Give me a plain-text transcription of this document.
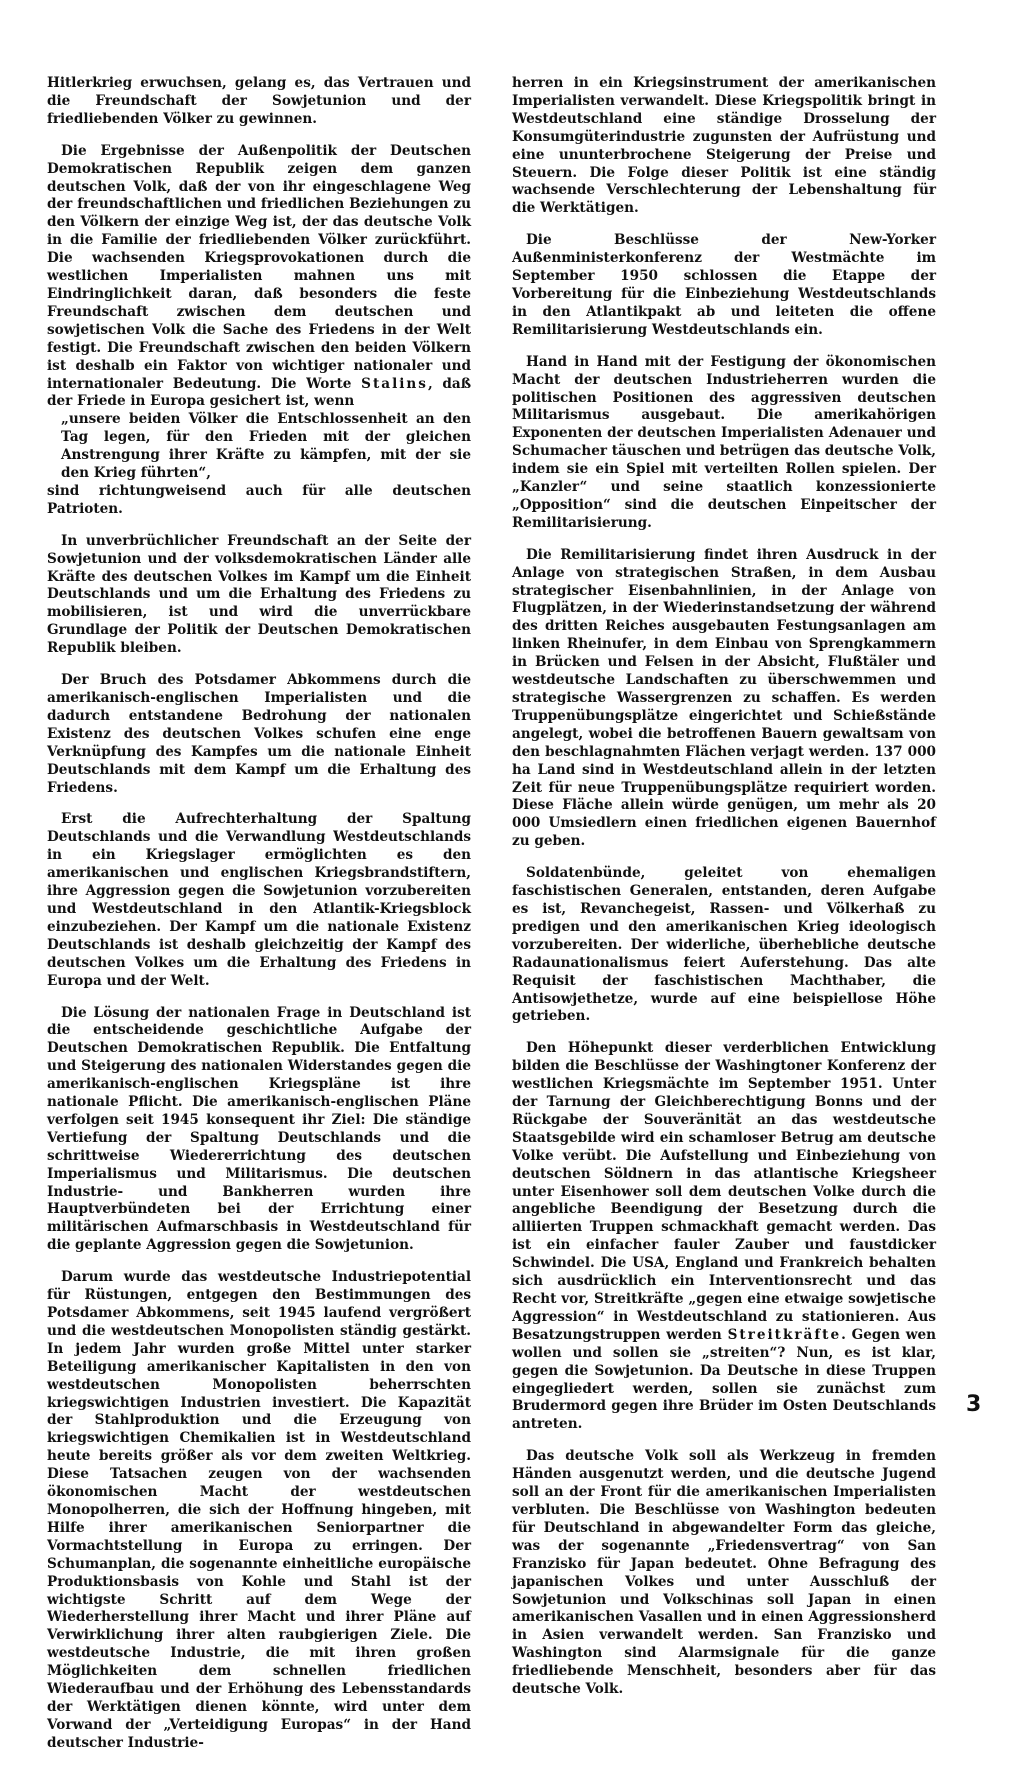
Hitlerkrieg erwuchsen, gelang es, das Vertrauen und die Freundschaft der Sowjetunion und der friedliebenden Völker zu gewinnen.

Die Ergebnisse der Außenpolitik der Deutschen Demokratischen Republik zeigen dem ganzen deutschen Volk, daß der von ihr eingeschlagene Weg der freundschaftlichen und friedlichen Beziehungen zu den Völkern der einzige Weg ist, der das deutsche Volk in die Familie der friedliebenden Völker zurückführt. Die wachsenden Kriegsprovokationen durch die westlichen Imperialisten mahnen uns mit Eindringlichkeit daran, daß besonders die feste Freundschaft zwischen dem deutschen und sowjetischen Volk die Sache des Friedens in der Welt festigt. Die Freundschaft zwischen den beiden Völkern ist deshalb ein Faktor von wichtiger nationaler und internationaler Bedeutung. Die Worte Stalins, daß der Friede in Europa gesichert ist, wenn

„unsere beiden Völker die Entschlossenheit an den Tag legen, für den Frieden mit der gleichen Anstrengung ihrer Kräfte zu kämpfen, mit der sie den Krieg führten“,

sind richtungweisend auch für alle deutschen Patrioten.

In unverbrüchlicher Freundschaft an der Seite der Sowjetunion und der volksdemokratischen Länder alle Kräfte des deutschen Volkes im Kampf um die Einheit Deutschlands und um die Erhaltung des Friedens zu mobilisieren, ist und wird die unverrückbare Grundlage der Politik der Deutschen Demokratischen Republik bleiben.

Der Bruch des Potsdamer Abkommens durch die amerikanisch-englischen Imperialisten und die dadurch entstandene Bedrohung der nationalen Existenz des deutschen Volkes schufen eine enge Verknüpfung des Kampfes um die nationale Einheit Deutschlands mit dem Kampf um die Erhaltung des Friedens.

Erst die Aufrechterhaltung der Spaltung Deutschlands und die Verwandlung Westdeutschlands in ein Kriegslager ermöglichten es den amerikanischen und englischen Kriegsbrandstiftern, ihre Aggression gegen die Sowjetunion vorzubereiten und Westdeutschland in den Atlantik-Kriegsblock einzubeziehen. Der Kampf um die nationale Existenz Deutschlands ist deshalb gleichzeitig der Kampf des deutschen Volkes um die Erhaltung des Friedens in Europa und der Welt.

Die Lösung der nationalen Frage in Deutschland ist die entscheidende geschichtliche Aufgabe der Deutschen Demokratischen Republik. Die Entfaltung und Steigerung des nationalen Widerstandes gegen die amerikanisch-englischen Kriegspläne ist ihre nationale Pflicht. Die amerikanisch-englischen Pläne verfolgen seit 1945 konsequent ihr Ziel: Die ständige Vertiefung der Spaltung Deutschlands und die schrittweise Wiedererrichtung des deutschen Imperialismus und Militarismus. Die deutschen Industrie- und Bankherren wurden ihre Hauptverbündeten bei der Errichtung einer militärischen Aufmarschbasis in Westdeutschland für die geplante Aggression gegen die Sowjetunion.

Darum wurde das westdeutsche Industriepotential für Rüstungen, entgegen den Bestimmungen des Potsdamer Abkommens, seit 1945 laufend vergrößert und die westdeutschen Monopolisten ständig gestärkt. In jedem Jahr wurden große Mittel unter starker Beteiligung amerikanischer Kapitalisten in den von westdeutschen Monopolisten beherrschten kriegswichtigen Industrien investiert. Die Kapazität der Stahlproduktion und die Erzeugung von kriegswichtigen Chemikalien ist in Westdeutschland heute bereits größer als vor dem zweiten Weltkrieg. Diese Tatsachen zeugen von der wachsenden ökonomischen Macht der westdeutschen Monopolherren, die sich der Hoffnung hingeben, mit Hilfe ihrer amerikanischen Seniorpartner die Vormachtstellung in Europa zu erringen. Der Schumanplan, die sogenannte einheitliche europäische Produktionsbasis von Kohle und Stahl ist der wichtigste Schritt auf dem Wege der Wiederherstellung ihrer Macht und ihrer Pläne auf Verwirklichung ihrer alten raubgierigen Ziele. Die westdeutsche Industrie, die mit ihren großen Möglichkeiten dem schnellen friedlichen Wiederaufbau und der Erhöhung des Lebensstandards der Werktätigen dienen könnte, wird unter dem Vorwand der „Verteidigung Europas“ in der Hand deutscher Industrie-

herren in ein Kriegsinstrument der amerikanischen Imperialisten verwandelt. Diese Kriegspolitik bringt in Westdeutschland eine ständige Drosselung der Konsumgüterindustrie zugunsten der Aufrüstung und eine ununterbrochene Steigerung der Preise und Steuern. Die Folge dieser Politik ist eine ständig wachsende Verschlechterung der Lebenshaltung für die Werktätigen.

Die Beschlüsse der New-Yorker Außenministerkonferenz der Westmächte im September 1950 schlossen die Etappe der Vorbereitung für die Einbeziehung Westdeutschlands in den Atlantikpakt ab und leiteten die offene Remilitarisierung Westdeutschlands ein.

Hand in Hand mit der Festigung der ökonomischen Macht der deutschen Industrieherren wurden die politischen Positionen des aggressiven deutschen Militarismus ausgebaut. Die amerikahörigen Exponenten der deutschen Imperialisten Adenauer und Schumacher täuschen und betrügen das deutsche Volk, indem sie ein Spiel mit verteilten Rollen spielen. Der „Kanzler“ und seine staatlich konzessionierte „Opposition“ sind die deutschen Einpeitscher der Remilitarisierung.

Die Remilitarisierung findet ihren Ausdruck in der Anlage von strategischen Straßen, in dem Ausbau strategischer Eisenbahnlinien, in der Anlage von Flugplätzen, in der Wiederinstandsetzung der während des dritten Reiches ausgebauten Festungsanlagen am linken Rheinufer, in dem Einbau von Sprengkammern in Brücken und Felsen in der Absicht, Flußtäler und westdeutsche Landschaften zu überschwemmen und strategische Wassergrenzen zu schaffen. Es werden Truppenübungsplätze eingerichtet und Schießstände angelegt, wobei die betroffenen Bauern gewaltsam von den beschlagnahmten Flächen verjagt werden. 137 000 ha Land sind in Westdeutschland allein in der letzten Zeit für neue Truppenübungsplätze requiriert worden. Diese Fläche allein würde genügen, um mehr als 20 000 Umsiedlern einen friedlichen eigenen Bauernhof zu geben.

Soldatenbünde, geleitet von ehemaligen faschistischen Generalen, entstanden, deren Aufgabe es ist, Revanchegeist, Rassen- und Völkerhaß zu predigen und den amerikanischen Krieg ideologisch vorzubereiten. Der widerliche, überhebliche deutsche Radaunationalismus feiert Auferstehung. Das alte Requisit der faschistischen Machthaber, die Antisowjethetze, wurde auf eine beispiellose Höhe getrieben.

Den Höhepunkt dieser verderblichen Entwicklung bilden die Beschlüsse der Washingtoner Konferenz der westlichen Kriegsmächte im September 1951. Unter der Tarnung der Gleichberechtigung Bonns und der Rückgabe der Souveränität an das westdeutsche Staatsgebilde wird ein schamloser Betrug am deutsche Volke verübt. Die Aufstellung und Einbeziehung von deutschen Söldnern in das atlantische Kriegsheer unter Eisenhower soll dem deutschen Volke durch die angebliche Beendigung der Besetzung durch die alliierten Truppen schmackhaft gemacht werden. Das ist ein einfacher fauler Zauber und faustdicker Schwindel. Die USA, England und Frankreich behalten sich ausdrücklich ein Interventionsrecht und das Recht vor, Streitkräfte „gegen eine etwaige sowjetische Aggression“ in Westdeutschland zu stationieren. Aus Besatzungstruppen werden Streitkräfte. Gegen wen wollen und sollen sie „streiten“? Nun, es ist klar, gegen die Sowjetunion. Da Deutsche in diese Truppen eingegliedert werden, sollen sie zunächst zum Brudermord gegen ihre Brüder im Osten Deutschlands antreten.

Das deutsche Volk soll als Werkzeug in fremden Händen ausgenutzt werden, und die deutsche Jugend soll an der Front für die amerikanischen Imperialisten verbluten. Die Beschlüsse von Washington bedeuten für Deutschland in abgewandelter Form das gleiche, was der sogenannte „Friedensvertrag“ von San Franzisko für Japan bedeutet. Ohne Befragung des japanischen Volkes und unter Ausschluß der Sowjetunion und Volkschinas soll Japan in einen amerikanischen Vasallen und in einen Aggressionsherd in Asien verwandelt werden. San Franzisko und Washington sind Alarmsignale für die ganze friedliebende Menschheit, besonders aber für das deutsche Volk.

3
